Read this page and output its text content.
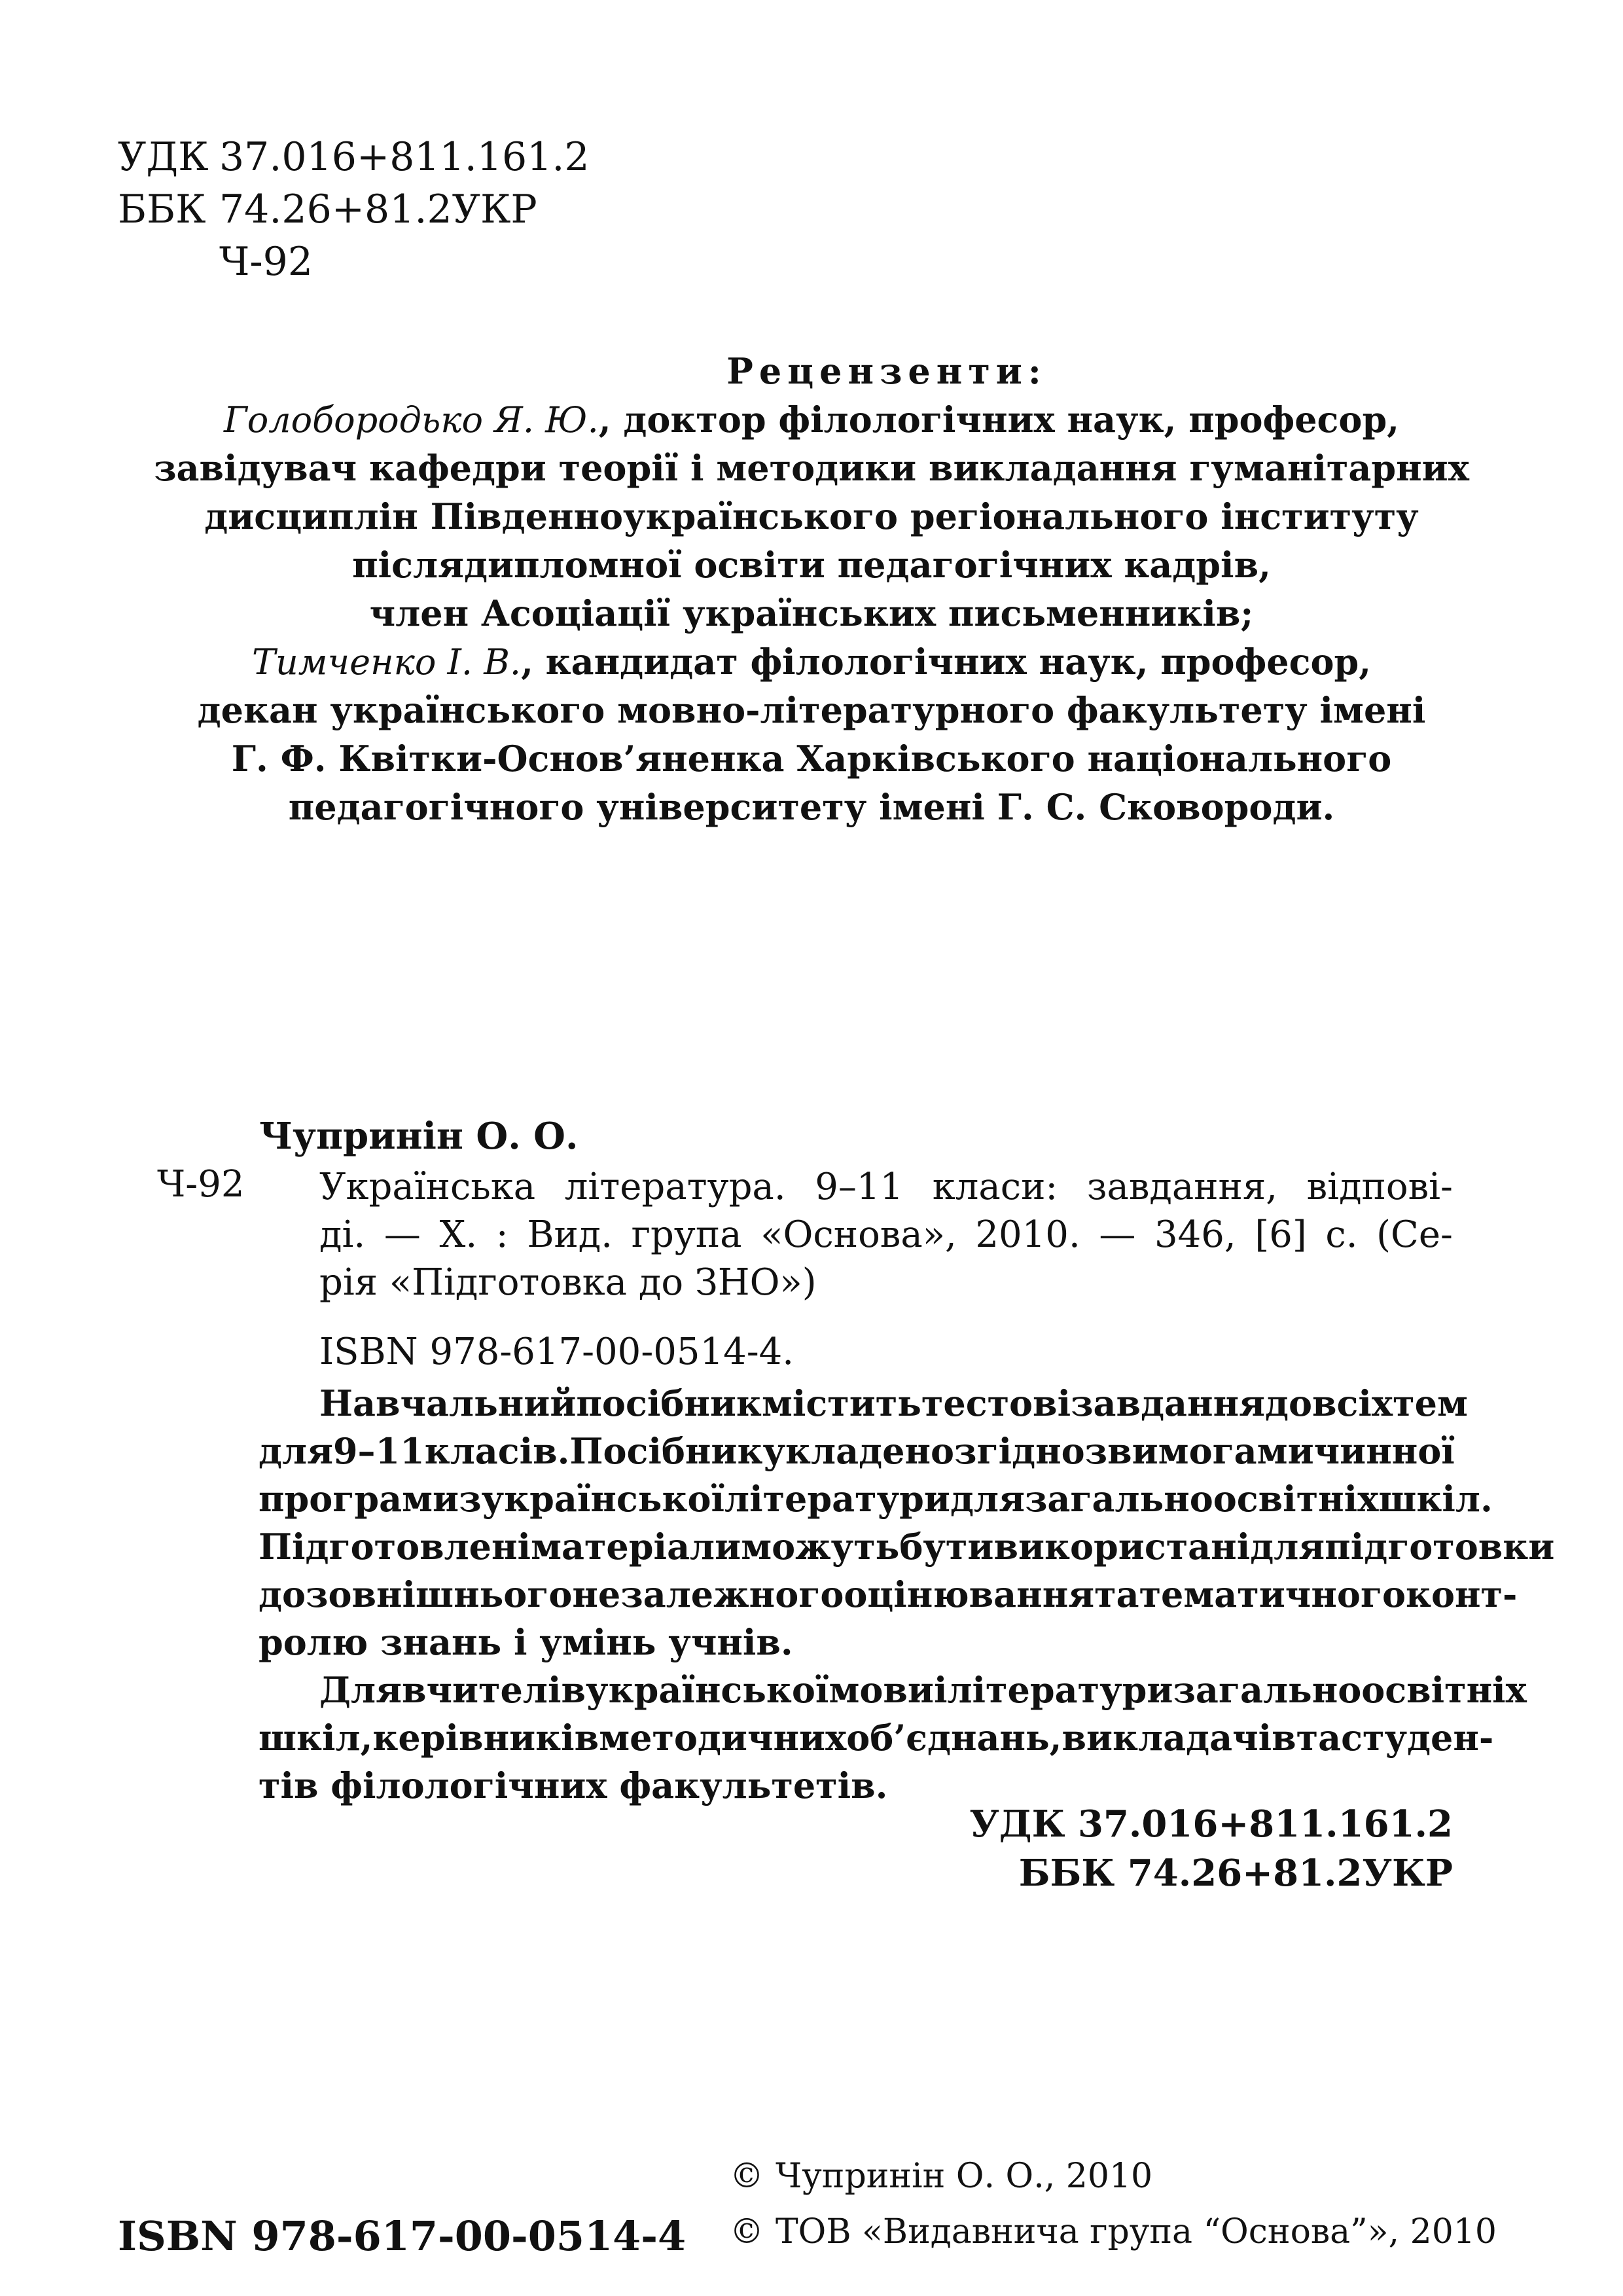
УДК 37.016+811.161.2
ББК 74.26+81.2УКР
Ч-92
Рецензенти:
Голобородько Я. Ю., доктор філологічних наук, професор,
завідувач кафедри теорії і методики викладання гуманітарних
дисциплін Південноукраїнського регіонального інституту
післядипломної освіти педагогічних кадрів,
член Асоціації українських письменників;
Тимченко І. В., кандидат філологічних наук, професор,
декан українського мовно-літературного факультету імені
Г. Ф. Квітки-Основ’яненка Харківського національного
педагогічного університету імені Г. С. Сковороди.
Чупринін О. О.
Ч-92 Українська література. 9–11 класи: завдання, відпові-
ді. — Х. : Вид. група «Основа», 2010. — 346, [6] с. (Се-
рія «Підготовка до ЗНО»)
ISBN 978-617-00-0514-4.
Навчальний посібник містить тестові завдання до всіх тем
для 9–11 класів. Посібник укладено згідно з вимогами чинної
програми з української літератури для загальноосвітніх шкіл.
Підготовлені матеріали можуть бути використані для підготовки
до зовнішнього незалежного оцінювання та тематичного конт-
ролю знань і умінь учнів.
Для вчителів української мови і літератури загальноосвітніх
шкіл, керівників методичних об’єднань, викладачів та студен-
тів філологічних факультетів.
УДК 37.016+811.161.2
ББК 74.26+81.2УКР
ISBN 978-617-00-0514-4
© Чупринін О. О., 2010
© ТОВ «Видавнича група “Основа”», 2010
